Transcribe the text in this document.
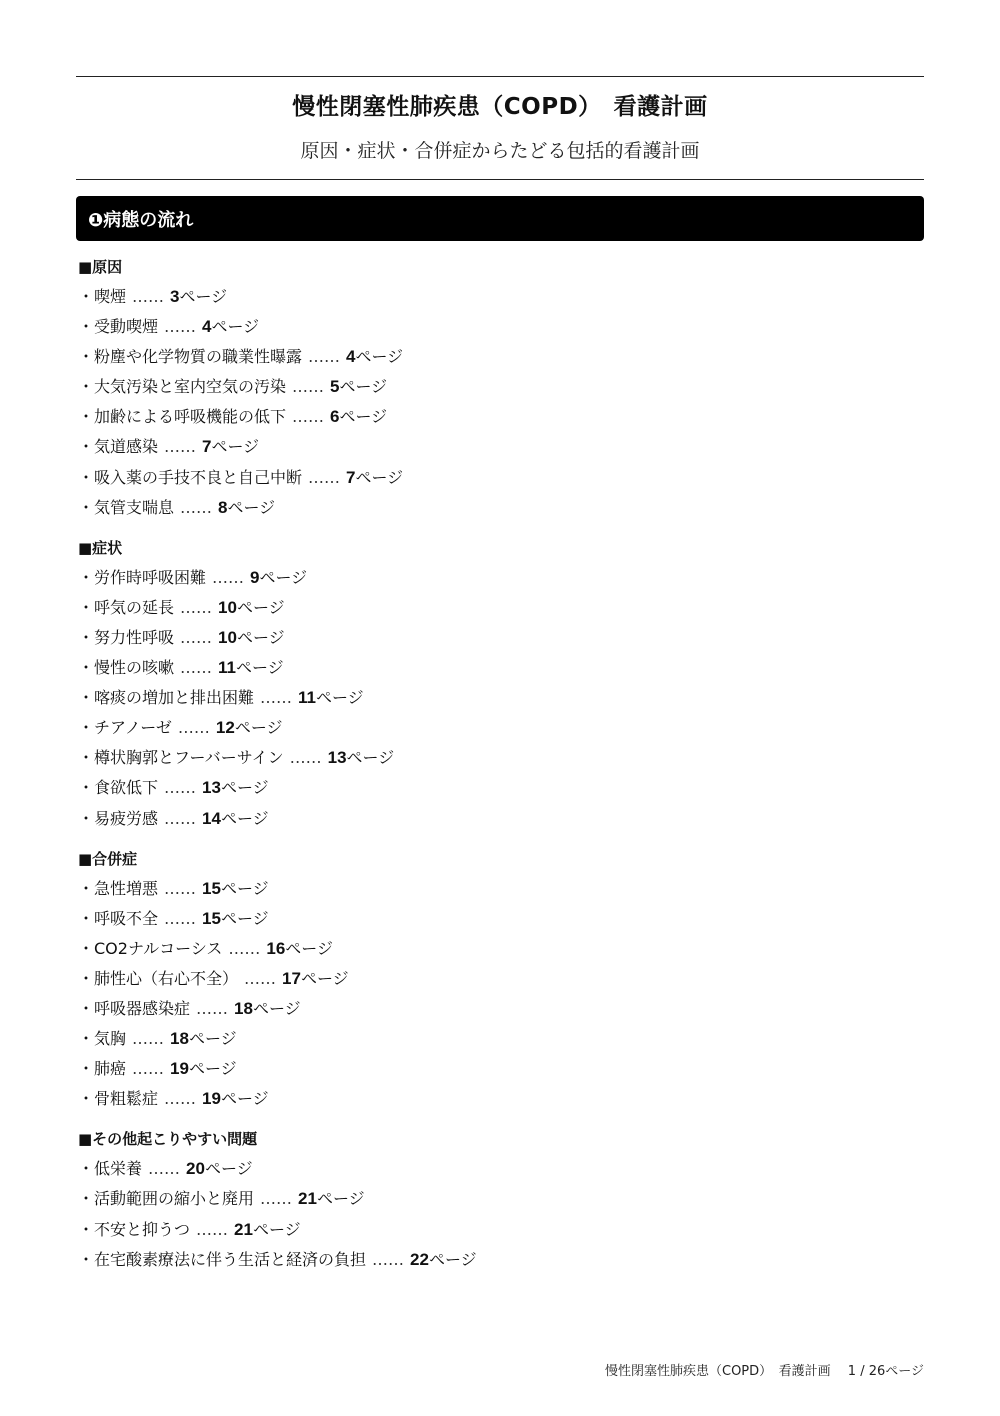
慢性閉塞性肺疾患（COPD）　看護計画
原因・症状・合併症からたどる包括的看護計画
❶病態の流れ
■原因
・喫煙 …… 3ページ
・受動喫煙 …… 4ページ
・粉塵や化学物質の職業性曝露 …… 4ページ
・大気汚染と室内空気の汚染 …… 5ページ
・加齢による呼吸機能の低下 …… 6ページ
・気道感染 …… 7ページ
・吸入薬の手技不良と自己中断 …… 7ページ
・気管支喘息 …… 8ページ
■症状
・労作時呼吸困難 …… 9ページ
・呼気の延長 …… 10ページ
・努力性呼吸 …… 10ページ
・慢性の咳嗽 …… 11ページ
・喀痰の増加と排出困難 …… 11ページ
・チアノーゼ …… 12ページ
・樽状胸郭とフーバーサイン …… 13ページ
・食欲低下 …… 13ページ
・易疲労感 …… 14ページ
■合併症
・急性増悪 …… 15ページ
・呼吸不全 …… 15ページ
・CO2ナルコーシス …… 16ページ
・肺性心（右心不全） …… 17ページ
・呼吸器感染症 …… 18ページ
・気胸 …… 18ページ
・肺癌 …… 19ページ
・骨粗鬆症 …… 19ページ
■その他起こりやすい問題
・低栄養 …… 20ページ
・活動範囲の縮小と廃用 …… 21ページ
・不安と抑うつ …… 21ページ
・在宅酸素療法に伴う生活と経済の負担 …… 22ページ
慢性閉塞性肺疾患（COPD）　看護計画　 1 / 26ページ
